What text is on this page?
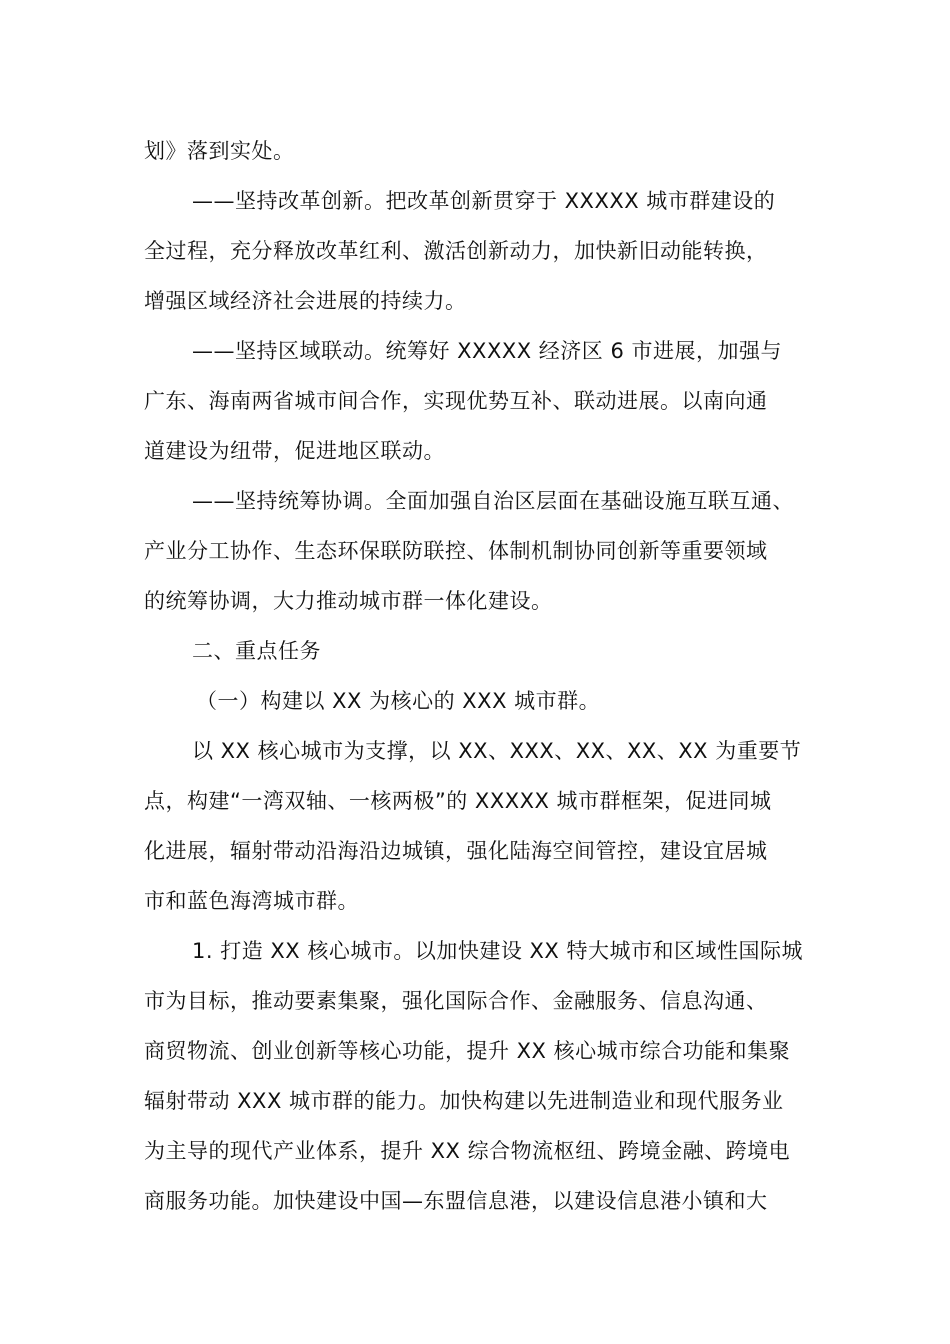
划》落到实处。
——坚持改革创新。把改革创新贯穿于 XXXXX 城市群建设的
全过程，充分释放改革红利、激活创新动力，加快新旧动能转换，
增强区域经济社会进展的持续力。
——坚持区域联动。统筹好 XXXXX 经济区 6 市进展，加强与
广东、海南两省城市间合作，实现优势互补、联动进展。以南向通
道建设为纽带，促进地区联动。
——坚持统筹协调。全面加强自治区层面在基础设施互联互通、
产业分工协作、生态环保联防联控、体制机制协同创新等重要领域
的统筹协调，大力推动城市群一体化建设。
二、重点任务
（一）构建以 XX 为核心的 XXX 城市群。
以 XX 核心城市为支撑，以 XX、XXX、XX、XX、XX 为重要节
点，构建“一湾双轴、一核两极”的 XXXXX 城市群框架，促进同城
化进展，辐射带动沿海沿边城镇，强化陆海空间管控，建设宜居城
市和蓝色海湾城市群。
1. 打造 XX 核心城市。以加快建设 XX 特大城市和区域性国际城
市为目标，推动要素集聚，强化国际合作、金融服务、信息沟通、
商贸物流、创业创新等核心功能，提升 XX 核心城市综合功能和集聚
辐射带动 XXX 城市群的能力。加快构建以先进制造业和现代服务业
为主导的现代产业体系，提升 XX 综合物流枢纽、跨境金融、跨境电
商服务功能。加快建设中国—东盟信息港，以建设信息港小镇和大
